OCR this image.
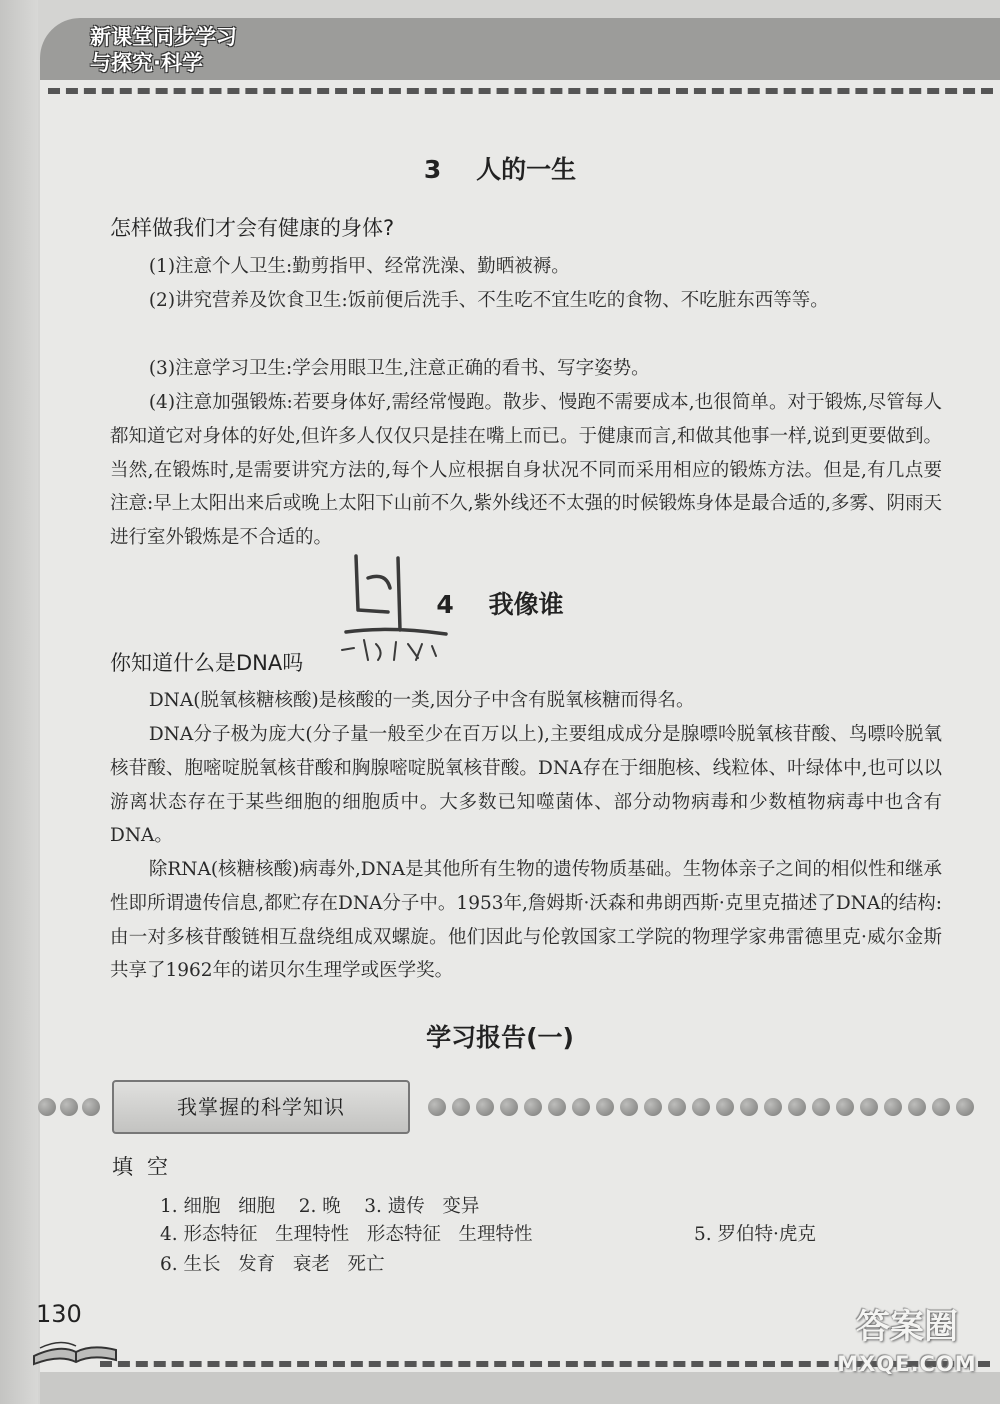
新课堂同步学习
与探究·科学
3    人的一生
怎样做我们才会有健康的身体?

(1)注意个人卫生:勤剪指甲、经常洗澡、勤晒被褥。

(2)讲究营养及饮食卫生:饭前便后洗手、不生吃不宜生吃的食物、不吃脏东西等等。

(3)注意学习卫生:学会用眼卫生,注意正确的看书、写字姿势。

(4)注意加强锻炼:若要身体好,需经常慢跑。散步、慢跑不需要成本,也很简单。对于锻炼,尽管每人都知道它对身体的好处,但许多人仅仅只是挂在嘴上而已。于健康而言,和做其他事一样,说到更要做到。当然,在锻炼时,是需要讲究方法的,每个人应根据自身状况不同而采用相应的锻炼方法。但是,有几点要注意:早上太阳出来后或晚上太阳下山前不久,紫外线还不太强的时候锻炼身体是最合适的,多雾、阴雨天进行室外锻炼是不合适的。

4    我像谁
你知道什么是DNA吗

DNA(脱氧核糖核酸)是核酸的一类,因分子中含有脱氧核糖而得名。

DNA分子极为庞大(分子量一般至少在百万以上),主要组成成分是腺嘌呤脱氧核苷酸、鸟嘌呤脱氧核苷酸、胞嘧啶脱氧核苷酸和胸腺嘧啶脱氧核苷酸。DNA存在于细胞核、线粒体、叶绿体中,也可以以游离状态存在于某些细胞的细胞质中。大多数已知噬菌体、部分动物病毒和少数植物病毒中也含有DNA。

除RNA(核糖核酸)病毒外,DNA是其他所有生物的遗传物质基础。生物体亲子之间的相似性和继承性即所谓遗传信息,都贮存在DNA分子中。1953年,詹姆斯·沃森和弗朗西斯·克里克描述了DNA的结构:由一对多核苷酸链相互盘绕组成双螺旋。他们因此与伦敦国家工学院的物理学家弗雷德里克·威尔金斯共享了1962年的诺贝尔生理学或医学奖。

学习报告(一)
我掌握的科学知识
填空
1. 细胞   细胞    2. 晚    3. 遗传   变异
4. 形态特征   生理特性   形态特征   生理特性	5. 罗伯特·虎克
6. 生长   发育   衰老   死亡
130	答案圈
MXQE.COM
